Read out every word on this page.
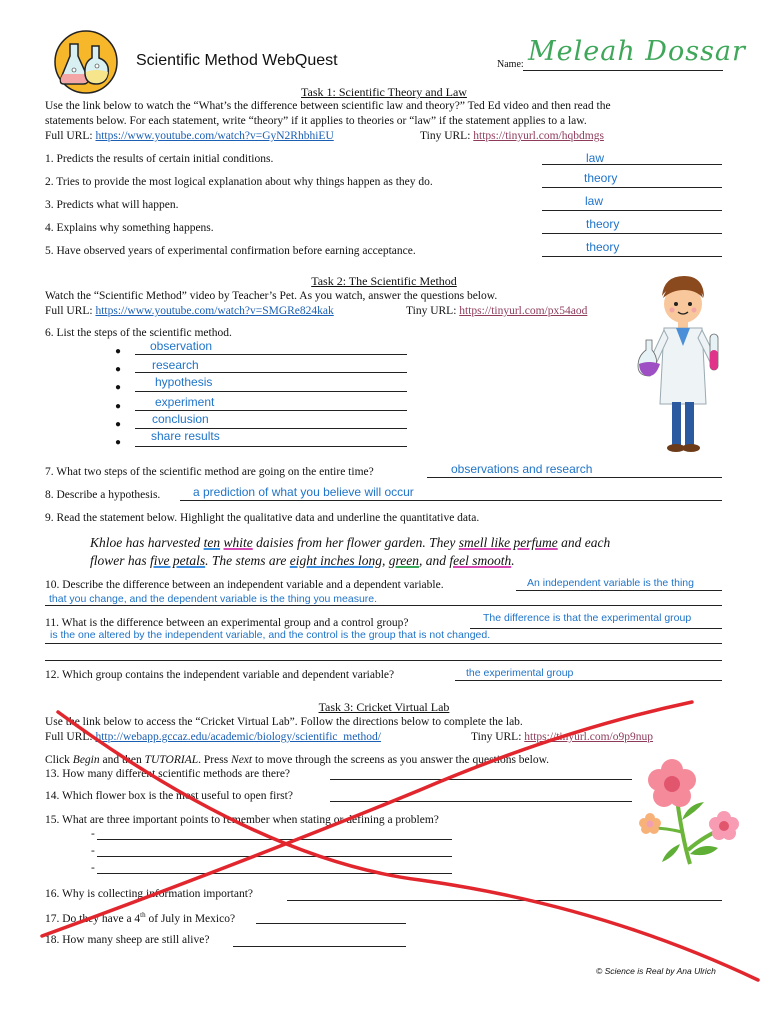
Scientific Method WebQuest	Name: Meleah Dossar
Task 1: Scientific Theory and Law
Use the link below to watch the “What’s the difference between scientific law and theory?” Ted Ed video and then read the
statements below. For each statement, write “theory” if it applies to theories or “law” if the statement applies to a law.
Full URL: https://www.youtube.com/watch?v=GyN2RhbhiEU	Tiny URL: https://tinyurl.com/hqbdmgs
1. Predicts the results of certain initial conditions.	law
2. Tries to provide the most logical explanation about why things happen as they do.	theory
3. Predicts what will happen.	law
4. Explains why something happens.	theory
5. Have observed years of experimental confirmation before earning acceptance.	theory
Task 2: The Scientific Method
Watch the “Scientific Method” video by Teacher’s Pet. As you watch, answer the questions below.
Full URL: https://www.youtube.com/watch?v=SMGRe824kak	Tiny URL: https://tinyurl.com/px54aod
6. List the steps of the scientific method.
● observation
●	research
●	hypothesis
●	experiment
●	conclusion
● share results
7. What two steps of the scientific method are going on the entire time?	observations and research
8. Describe a hypothesis.	a prediction of what you believe will occur
9. Read the statement below. Highlight the qualitative data and underline the quantitative data.
Khloe has harvested ten white daisies from her flower garden. They smell like perfume and each
flower has five petals. The stems are eight inches long, green, and feel smooth.
10. Describe the difference between an independent variable and a dependent variable.	An independent variable is the thing
that you change, and the dependent variable is the thing you measure.
11. What is the difference between an experimental group and a control group?	The difference is that the experimental group
is the one altered by the independent variable, and the control is the group that is not changed.
12. Which group contains the independent variable and dependent variable?	the experimental group
Task 3: Cricket Virtual Lab
Use the link below to access the “Cricket Virtual Lab”. Follow the directions below to complete the lab.
Full URL: http://webapp.gccaz.edu/academic/biology/scientific_method/	Tiny URL: https://tinyurl.com/o9p9nup
Click Begin and then TUTORIAL. Press Next to move through the screens as you answer the questions below.
13. How many different scientific methods are there?
14. Which flower box is the most useful to open first?
15. What are three important points to remember when stating or defining a problem?
-
-
-
16. Why is collecting information important?
17. Do they have a 4th of July in Mexico?
18. How many sheep are still alive?
© Science is Real by Ana Ulrich
